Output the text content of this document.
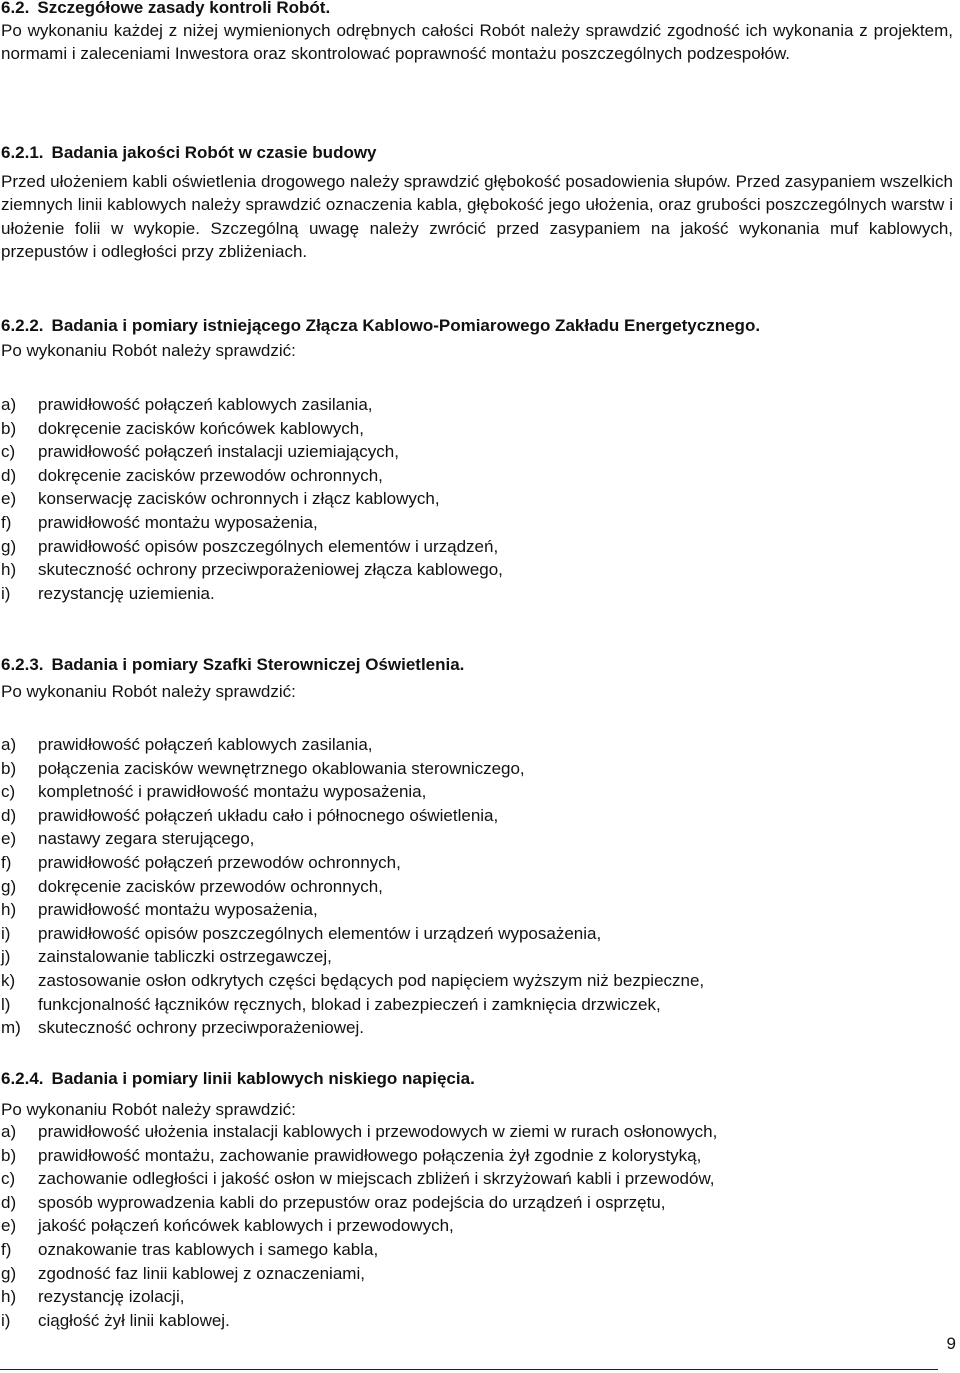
6.2. Szczegółowe zasady kontroli Robót.
Po wykonaniu każdej z niżej wymienionych odrębnych całości Robót należy sprawdzić zgodność ich wykonania z projektem, normami i zaleceniami Inwestora oraz skontrolować poprawność montażu poszczególnych podzespołów.
6.2.1. Badania jakości Robót w czasie budowy
Przed ułożeniem kabli oświetlenia drogowego należy sprawdzić głębokość posadowienia słupów. Przed zasypaniem wszelkich ziemnych linii kablowych należy sprawdzić oznaczenia kabla, głębokość jego ułożenia, oraz grubości poszczególnych warstw i ułożenie folii w wykopie. Szczególną uwagę należy zwrócić przed zasypaniem na jakość wykonania muf kablowych, przepustów i odległości przy zbliżeniach.
6.2.2. Badania i pomiary istniejącego Złącza Kablowo-Pomiarowego Zakładu Energetycznego.
Po wykonaniu Robót należy sprawdzić:
a)	prawidłowość połączeń kablowych zasilania,
b)	dokręcenie zacisków końcówek kablowych,
c)	prawidłowość połączeń instalacji uziemiających,
d)	dokręcenie zacisków przewodów ochronnych,
e)	konserwację zacisków ochronnych i złącz kablowych,
f)	prawidłowość montażu wyposażenia,
g)	prawidłowość opisów poszczególnych elementów i urządzeń,
h)	skuteczność ochrony przeciwporażeniowej złącza kablowego,
i)	rezystancję uziemienia.
6.2.3. Badania i pomiary Szafki Sterowniczej Oświetlenia.
Po wykonaniu Robót należy sprawdzić:
a)	prawidłowość połączeń kablowych zasilania,
b)	połączenia zacisków wewnętrznego okablowania sterowniczego,
c)	kompletność i prawidłowość montażu wyposażenia,
d)	prawidłowość połączeń układu cało i północnego oświetlenia,
e)	nastawy zegara sterującego,
f)	prawidłowość połączeń przewodów ochronnych,
g)	dokręcenie zacisków przewodów ochronnych,
h)	prawidłowość montażu wyposażenia,
i)	prawidłowość opisów poszczególnych elementów i urządzeń wyposażenia,
j)	zainstalowanie tabliczki ostrzegawczej,
k)	zastosowanie osłon odkrytych części będących pod napięciem wyższym niż bezpieczne,
l)	funkcjonalność łączników ręcznych, blokad i zabezpieczeń i zamknięcia drzwiczek,
m)	skuteczność ochrony przeciwporażeniowej.
6.2.4. Badania i pomiary linii kablowych niskiego napięcia.
Po wykonaniu Robót należy sprawdzić:
a)	prawidłowość ułożenia instalacji kablowych i przewodowych w ziemi w rurach osłonowych,
b)	prawidłowość montażu, zachowanie prawidłowego połączenia żył zgodnie z kolorystyką,
c)	zachowanie odległości i jakość osłon w miejscach zbliżeń i skrzyżowań kabli i przewodów,
d)	sposób wyprowadzenia kabli do przepustów oraz podejścia do urządzeń i osprzętu,
e)	jakość połączeń końcówek kablowych i przewodowych,
f)	oznakowanie tras kablowych i samego kabla,
g)	zgodność faz linii kablowej z oznaczeniami,
h)	rezystancję izolacji,
i)	ciągłość żył linii kablowej.
9
